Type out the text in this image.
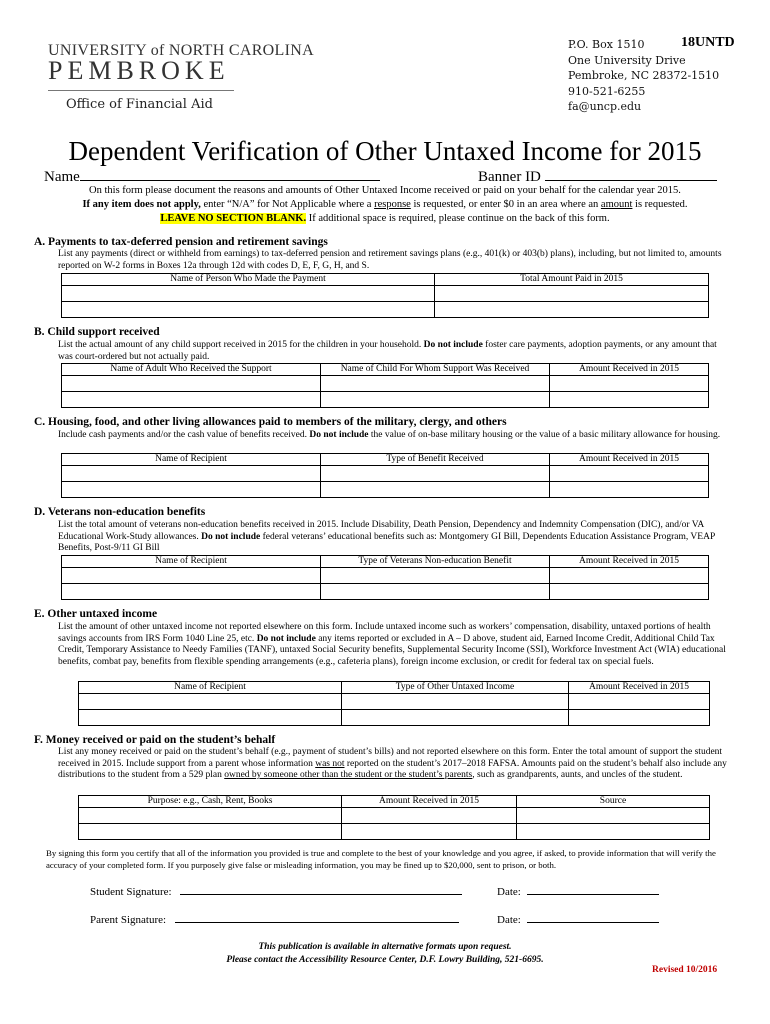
UNIVERSITY of NORTH CAROLINA
PEMBROKE
Office of Financial Aid
P.O. Box 1510
One University Drive
Pembroke, NC 28372-1510
910-521-6255
fa@uncp.edu
18UNTD
Dependent Verification of Other Untaxed Income for 2015
Name	Banner ID
On this form please document the reasons and amounts of Other Untaxed Income received or paid on your behalf for the calendar year 2015.
If any item does not apply, enter “N/A” for Not Applicable where a response is requested, or enter $0 in an area where an amount is requested.
LEAVE NO SECTION BLANK. If additional space is required, please continue on the back of this form.
A. Payments to tax-deferred pension and retirement savings
List any payments (direct or withheld from earnings) to tax-deferred pension and retirement savings plans (e.g., 401(k) or 403(b) plans), including, but not limited to, amounts reported on W-2 forms in Boxes 12a through 12d with codes D, E, F, G, H, and S.
Name of Person Who Made the Payment	Total Amount Paid in 2015

B. Child support received
List the actual amount of any child support received in 2015 for the children in your household. Do not include foster care payments, adoption payments, or any amount that was court-ordered but not actually paid.
Name of Adult Who Received the Support	Name of Child For Whom Support Was Received	Amount Received in 2015

C. Housing, food, and other living allowances paid to members of the military, clergy, and others
Include cash payments and/or the cash value of benefits received. Do not include the value of on-base military housing or the value of a basic military allowance for housing.
Name of Recipient	Type of Benefit Received	Amount Received in 2015

D. Veterans non-education benefits
List the total amount of veterans non-education benefits received in 2015. Include Disability, Death Pension, Dependency and Indemnity Compensation (DIC), and/or VA Educational Work-Study allowances. Do not include federal veterans’ educational benefits such as: Montgomery GI Bill, Dependents Education Assistance Program, VEAP Benefits, Post-9/11 GI Bill
Name of Recipient	Type of Veterans Non-education Benefit	Amount Received in 2015

E. Other untaxed income
List the amount of other untaxed income not reported elsewhere on this form. Include untaxed income such as workers’ compensation, disability, untaxed portions of health savings accounts from IRS Form 1040 Line 25, etc. Do not include any items reported or excluded in A – D above, student aid, Earned Income Credit, Additional Child Tax Credit, Temporary Assistance to Needy Families (TANF), untaxed Social Security benefits, Supplemental Security Income (SSI), Workforce Investment Act (WIA) educational benefits, combat pay, benefits from flexible spending arrangements (e.g., cafeteria plans), foreign income exclusion, or credit for federal tax on special fuels.
Name of Recipient	Type of Other Untaxed Income	Amount Received in 2015

F. Money received or paid on the student’s behalf
List any money received or paid on the student’s behalf (e.g., payment of student’s bills) and not reported elsewhere on this form. Enter the total amount of support the student received in 2015. Include support from a parent whose information was not reported on the student’s 2017–2018 FAFSA. Amounts paid on the student’s behalf also include any distributions to the student from a 529 plan owned by someone other than the student or the student’s parents, such as grandparents, aunts, and uncles of the student.
Purpose: e.g., Cash, Rent, Books	Amount Received in 2015	Source

By signing this form you certify that all of the information you provided is true and complete to the best of your knowledge and you agree, if asked, to provide information that will verify the accuracy of your completed form. If you purposely give false or misleading information, you may be fined up to $20,000, sent to prison, or both.
Student Signature:	Date:
Parent Signature:	Date:
This publication is available in alternative formats upon request.
Please contact the Accessibility Resource Center, D.F. Lowry Building, 521-6695.
Revised 10/2016
